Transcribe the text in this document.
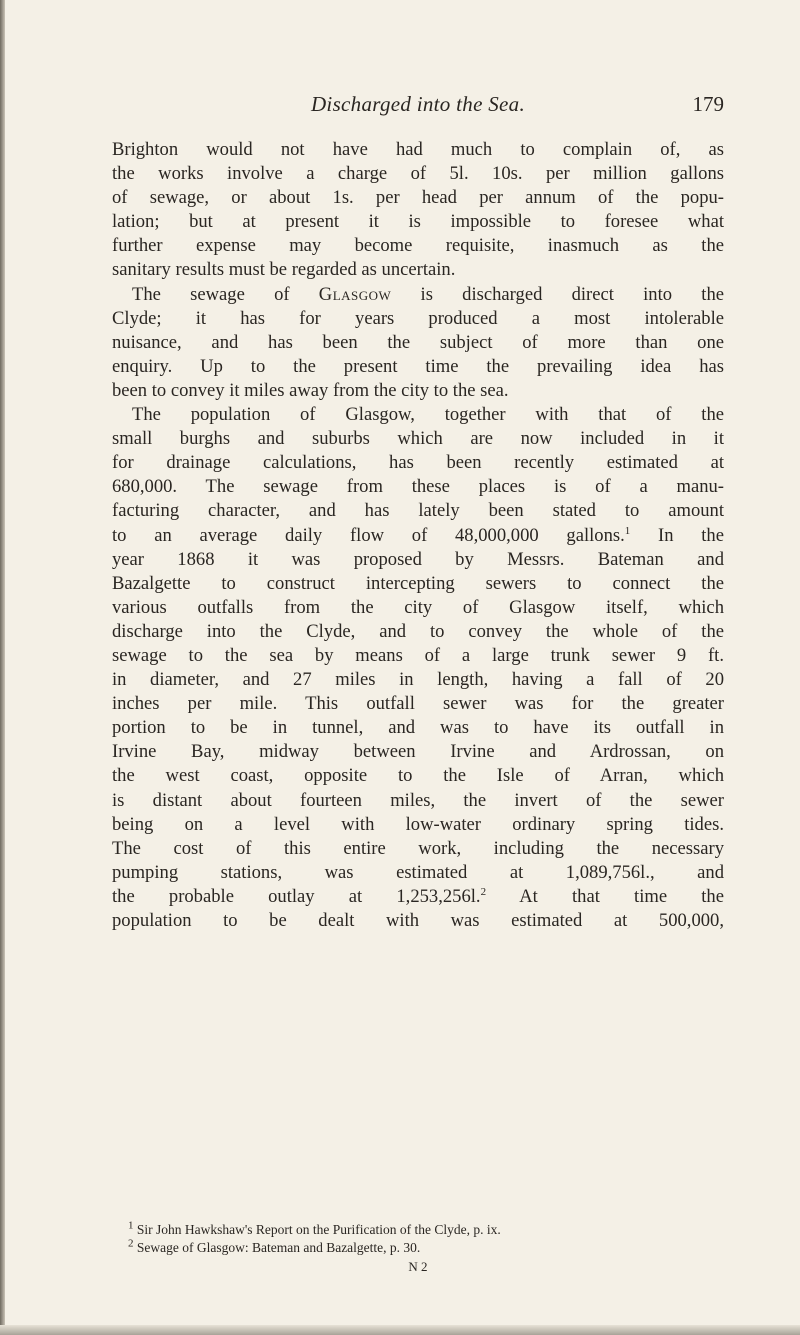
Discharged into the Sea.	179

Brighton would not have had much to complain of, as

the works involve a charge of 5l. 10s. per million gallons

of sewage, or about 1s. per head per annum of the popu-

lation; but at present it is impossible to foresee what

further expense may become requisite, inasmuch as the

sanitary results must be regarded as uncertain.

The sewage of Glasgow is discharged direct into the

Clyde; it has for years produced a most intolerable

nuisance, and has been the subject of more than one

enquiry. Up to the present time the prevailing idea has

been to convey it miles away from the city to the sea.

The population of Glasgow, together with that of the

small burghs and suburbs which are now included in it

for drainage calculations, has been recently estimated at

680,000. The sewage from these places is of a manu-

facturing character, and has lately been stated to amount

to an average daily flow of 48,000,000 gallons.$^1$ In the

year 1868 it was proposed by Messrs. Bateman and

Bazalgette to construct intercepting sewers to connect the

various outfalls from the city of Glasgow itself, which

discharge into the Clyde, and to convey the whole of the

sewage to the sea by means of a large trunk sewer 9 ft.

in diameter, and 27 miles in length, having a fall of 20

inches per mile. This outfall sewer was for the greater

portion to be in tunnel, and was to have its outfall in

Irvine Bay, midway between Irvine and Ardrossan, on

the west coast, opposite to the Isle of Arran, which

is distant about fourteen miles, the invert of the sewer

being on a level with low-water ordinary spring tides.

The cost of this entire work, including the necessary

pumping stations, was estimated at 1,089,756l., and

the probable outlay at 1,253,256l.$^2$ At that time the

population to be dealt with was estimated at 500,000,

$^1$ Sir John Hawkshaw's Report on the Purification of the Clyde, p. ix.

$^2$ Sewage of Glasgow: Bateman and Bazalgette, p. 30.

N 2
